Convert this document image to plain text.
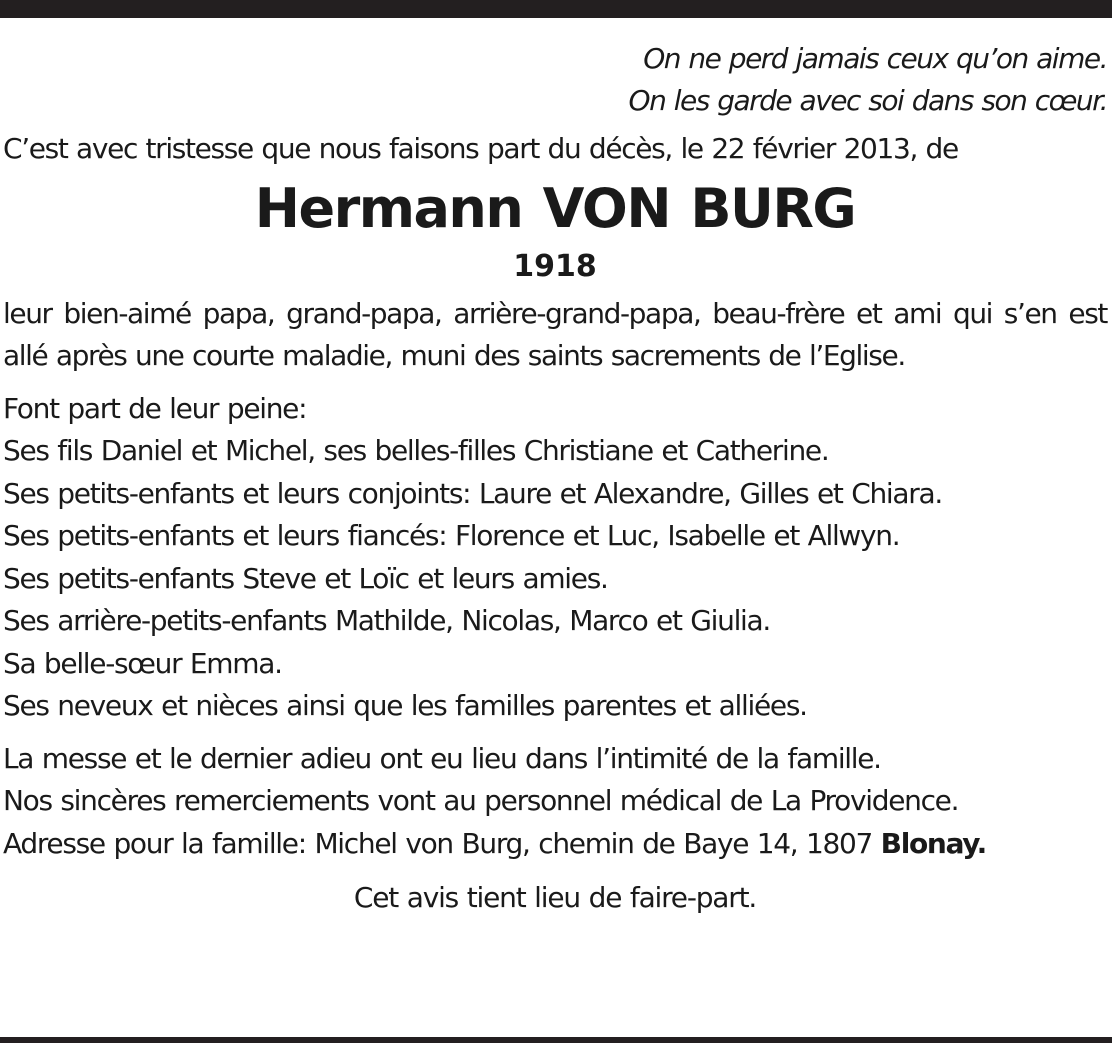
On ne perd jamais ceux qu’on aime.
On les garde avec soi dans son cœur.

C’est avec tristesse que nous faisons part du décès, le 22 février 2013, de

Hermann VON BURG

1918

leur bien-aimé papa, grand-papa, arrière-grand-papa, beau-frère et ami qui s’en est allé après une courte maladie, muni des saints sacrements de l’Eglise.

Font part de leur peine:
Ses fils Daniel et Michel, ses belles-filles Christiane et Catherine.
Ses petits-enfants et leurs conjoints: Laure et Alexandre, Gilles et Chiara.
Ses petits-enfants et leurs fiancés: Florence et Luc, Isabelle et Allwyn.
Ses petits-enfants Steve et Loïc et leurs amies.
Ses arrière-petits-enfants Mathilde, Nicolas, Marco et Giulia.
Sa belle-sœur Emma.
Ses neveux et nièces ainsi que les familles parentes et alliées.

La messe et le dernier adieu ont eu lieu dans l’intimité de la famille.
Nos sincères remerciements vont au personnel médical de La Providence.
Adresse pour la famille: Michel von Burg, chemin de Baye 14, 1807 Blonay.

Cet avis tient lieu de faire-part.
